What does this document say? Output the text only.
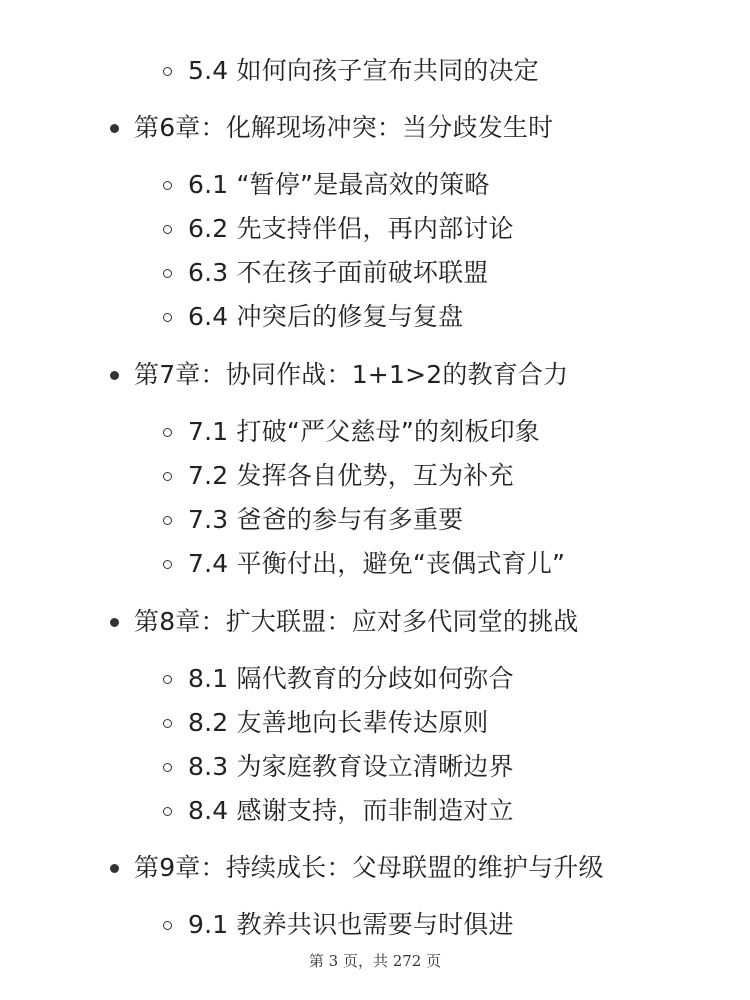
5.4 如何向孩子宣布共同的决定
第6章：化解现场冲突：当分歧发生时
6.1 “暂停”是最高效的策略
6.2 先支持伴侣，再内部讨论
6.3 不在孩子面前破坏联盟
6.4 冲突后的修复与复盘
第7章：协同作战：1+1>2的教育合力
7.1 打破“严父慈母”的刻板印象
7.2 发挥各自优势，互为补充
7.3 爸爸的参与有多重要
7.4 平衡付出，避免“丧偶式育儿”
第8章：扩大联盟：应对多代同堂的挑战
8.1 隔代教育的分歧如何弥合
8.2 友善地向长辈传达原则
8.3 为家庭教育设立清晰边界
8.4 感谢支持，而非制造对立
第9章：持续成长：父母联盟的维护与升级
9.1 教养共识也需要与时俱进
第 3 页，共 272 页
